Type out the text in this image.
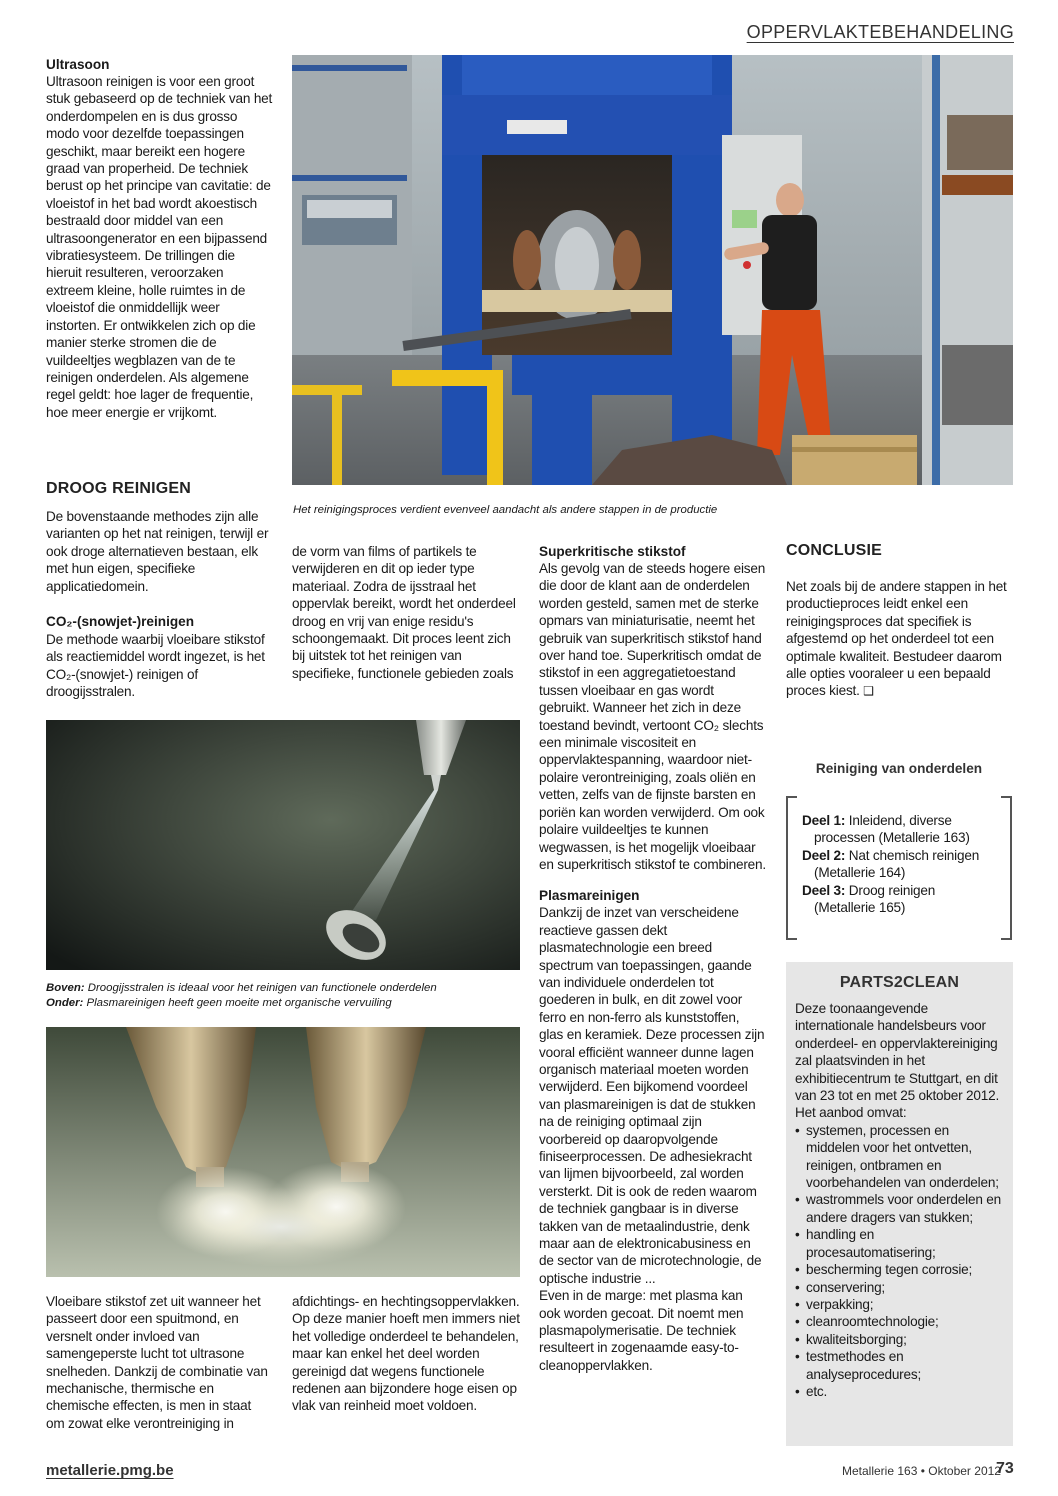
OPPERVLAKTEBEHANDELING
Het reinigingsproces verdient evenveel aandacht als andere stappen in de productie
Ultrasoon
Ultrasoon reinigen is voor een groot stuk gebaseerd op de techniek van het onderdompelen en is dus grosso modo voor dezelfde toepassingen geschikt, maar bereikt een hogere graad van properheid. De techniek berust op het principe van cavitatie: de vloeistof in het bad wordt akoestisch bestraald door middel van een ultrasoongenerator en een bijpassend vibratiesysteem. De trillingen die hieruit resulteren, veroorzaken extreem kleine, holle ruimtes in de vloeistof die onmiddellijk weer instorten. Er ontwikkelen zich op die manier sterke stromen die de vuildeeltjes wegblazen van de te reinigen onderdelen. Als algemene regel geldt: hoe lager de frequentie, hoe meer energie er vrijkomt.
DROOG REINIGEN
De bovenstaande methodes zijn alle varianten op het nat reinigen, terwijl er ook droge alternatieven bestaan, elk met hun eigen, specifieke applicatiedomein.
CO₂-(snowjet-)reinigen
De methode waarbij vloeibare stikstof als reactiemiddel wordt ingezet, is het CO₂-(snowjet-) reinigen of droogijsstralen.
de vorm van films of partikels te verwijderen en dit op ieder type materiaal. Zodra de ijsstraal het oppervlak bereikt, wordt het onderdeel droog en vrij van enige residu's schoongemaakt. Dit proces leent zich bij uitstek tot het reinigen van specifieke, functionele gebieden zoals
Boven: Droogijsstralen is ideaal voor het reinigen van functionele onderdelen
Onder: Plasmareinigen heeft geen moeite met organische vervuiling
Vloeibare stikstof zet uit wanneer het passeert door een spuitmond, en versnelt onder invloed van samengeperste lucht tot ultrasone snelheden. Dankzij de combinatie van mechanische, thermische en chemische effecten, is men in staat om zowat elke verontreiniging in
afdichtings- en hechtingsoppervlakken. Op deze manier hoeft men immers niet het volledige onderdeel te behandelen, maar kan enkel het deel worden gereinigd dat wegens functionele redenen aan bijzondere hoge eisen op vlak van reinheid moet voldoen.
Superkritische stikstof
Als gevolg van de steeds hogere eisen die door de klant aan de onderdelen worden gesteld, samen met de sterke opmars van miniaturisatie, neemt het gebruik van superkritisch stikstof hand over hand toe. Superkritisch omdat de stikstof in een aggregatietoestand tussen vloeibaar en gas wordt gebruikt. Wanneer het zich in deze toestand bevindt, vertoont CO₂ slechts een minimale viscositeit en oppervlaktespanning, waardoor niet-polaire verontreiniging, zoals oliën en vetten, zelfs van de fijnste barsten en poriën kan worden verwijderd. Om ook polaire vuildeeltjes te kunnen wegwassen, is het mogelijk vloeibaar en superkritisch stikstof te combineren.
Plasmareinigen
Dankzij de inzet van verscheidene reactieve gassen dekt plasmatechnologie een breed spectrum van toepassingen, gaande van individuele onderdelen tot goederen in bulk, en dit zowel voor ferro en non-ferro als kunststoffen, glas en keramiek. Deze processen zijn vooral efficiënt wanneer dunne lagen organisch materiaal moeten worden verwijderd. Een bijkomend voordeel van plasmareinigen is dat de stukken na de reiniging optimaal zijn voorbereid op daaropvolgende finiseerprocessen. De adhesiekracht van lijmen bijvoorbeeld, zal worden versterkt. Dit is ook de reden waarom de techniek gangbaar is in diverse takken van de metaalindustrie, denk maar aan de elektronicabusiness en de sector van de microtechnologie, de optische industrie ...
Even in de marge: met plasma kan ook worden gecoat. Dit noemt men plasmapolymerisatie. De techniek resulteert in zogenaamde easy-to-cleanoppervlakken.
CONCLUSIE
Net zoals bij de andere stappen in het productieproces leidt enkel een reinigingsproces dat specifiek is afgestemd op het onderdeel tot een optimale kwaliteit. Bestudeer daarom alle opties vooraleer u een bepaald proces kiest. ❑
Reiniging van onderdelen
Deel 1: Inleidend, diverse processen (Metallerie 163)
Deel 2: Nat chemisch reinigen (Metallerie 164)
Deel 3: Droog reinigen (Metallerie 165)
PARTS2CLEAN
Deze toonaangevende internationale handelsbeurs voor onderdeel- en oppervlaktereiniging zal plaatsvinden in het exhibitiecentrum te Stuttgart, en dit van 23 tot en met 25 oktober 2012.
Het aanbod omvat:
• systemen, processen en middelen voor het ontvetten, reinigen, ontbramen en voorbehandelen van onderdelen;
• wastrommels voor onderdelen en andere dragers van stukken;
• handling en procesautomatisering;
• bescherming tegen corrosie;
• conservering;
• verpakking;
• cleanroomtechnologie;
• kwaliteitsborging;
• testmethodes en analyseprocedures;
• etc.
metallerie.pmg.be	Metallerie 163 • Oktober 2012
73
